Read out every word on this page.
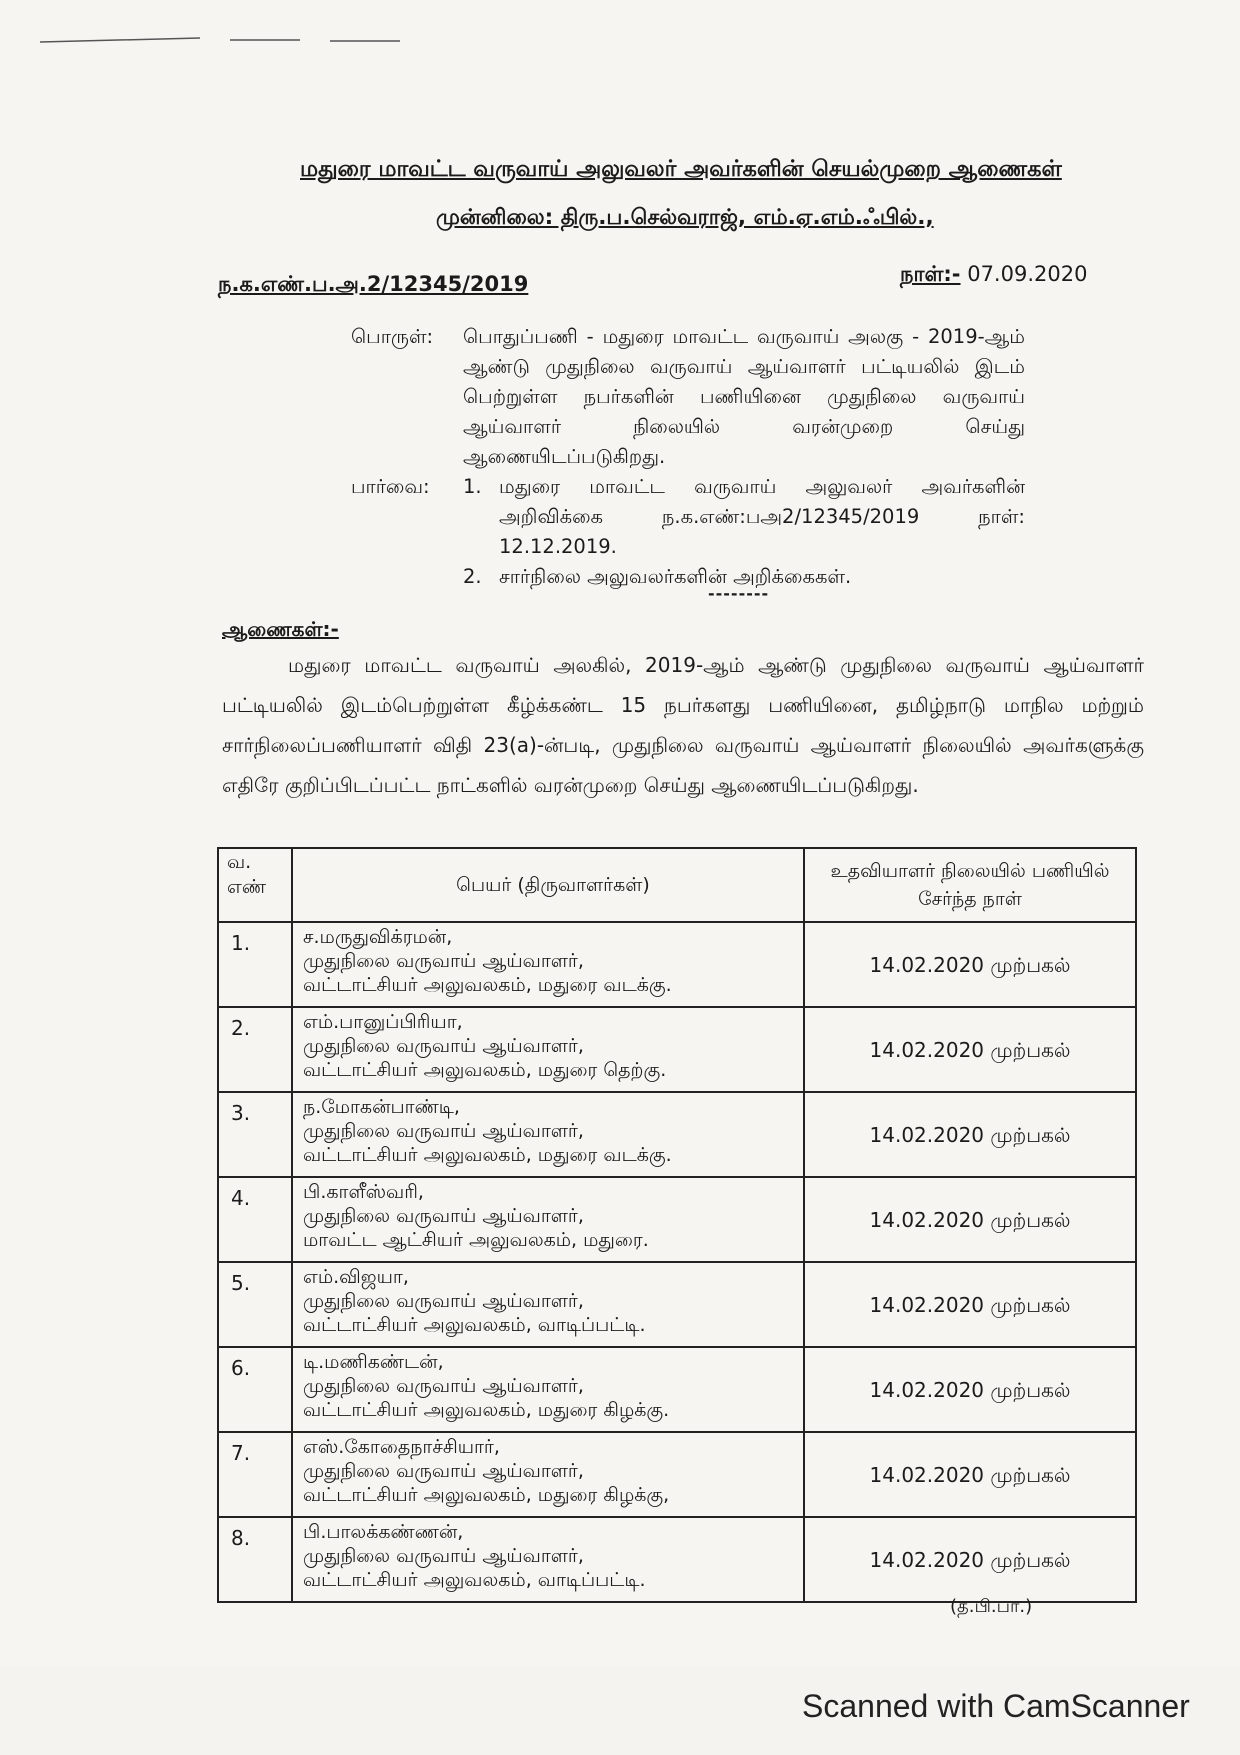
மதுரை மாவட்ட வருவாய் அலுவலர் அவர்களின் செயல்முறை ஆணைகள்
முன்னிலை: திரு.ப.செல்வராஜ், எம்.ஏ.எம்.ஃபில்.,
ந.க.எண்.ப.அ.2/12345/2019	நாள்:- 07.09.2020
பொருள்:	பொதுப்பணி - மதுரை மாவட்ட வருவாய் அலகு - 2019-ஆம் ஆண்டு முதுநிலை வருவாய் ஆய்வாளர் பட்டியலில் இடம் பெற்றுள்ள நபர்களின் பணியினை முதுநிலை வருவாய் ஆய்வாளர் நிலையில் வரன்முறை செய்து ஆணையிடப்படுகிறது.
பார்வை:	1. மதுரை மாவட்ட வருவாய் அலுவலர் அவர்களின் அறிவிக்கை ந.க.எண்:பஅ2/12345/2019 நாள்: 12.12.2019.
2. சார்நிலை அலுவலர்களின் அறிக்கைகள்.
--------
ஆணைகள்:-
மதுரை மாவட்ட வருவாய் அலகில், 2019-ஆம் ஆண்டு முதுநிலை வருவாய் ஆய்வாளர் பட்டியலில் இடம்பெற்றுள்ள கீழ்க்கண்ட 15 நபர்களது பணியினை, தமிழ்நாடு மாநில மற்றும் சார்நிலைப்பணியாளர் விதி 23(a)-ன்படி, முதுநிலை வருவாய் ஆய்வாளர் நிலையில் அவர்களுக்கு எதிரே குறிப்பிடப்பட்ட நாட்களில் வரன்முறை செய்து ஆணையிடப்படுகிறது.
வ. எண்	பெயர் (திருவாளர்கள்)	உதவியாளர் நிலையில் பணியில் சேர்ந்த நாள்
1.	ச.மருதுவிக்ரமன்,
முதுநிலை வருவாய் ஆய்வாளர்,
வட்டாட்சியர் அலுவலகம், மதுரை வடக்கு.	14.02.2020 முற்பகல்
2.	எம்.பானுப்பிரியா,
முதுநிலை வருவாய் ஆய்வாளர்,
வட்டாட்சியர் அலுவலகம், மதுரை தெற்கு.	14.02.2020 முற்பகல்
3.	ந.மோகன்பாண்டி,
முதுநிலை வருவாய் ஆய்வாளர்,
வட்டாட்சியர் அலுவலகம், மதுரை வடக்கு.	14.02.2020 முற்பகல்
4.	பி.காளீஸ்வரி,
முதுநிலை வருவாய் ஆய்வாளர்,
மாவட்ட ஆட்சியர் அலுவலகம், மதுரை.	14.02.2020 முற்பகல்
5.	எம்.விஜயா,
முதுநிலை வருவாய் ஆய்வாளர்,
வட்டாட்சியர் அலுவலகம், வாடிப்பட்டி.	14.02.2020 முற்பகல்
6.	டி.மணிகண்டன்,
முதுநிலை வருவாய் ஆய்வாளர்,
வட்டாட்சியர் அலுவலகம், மதுரை கிழக்கு.	14.02.2020 முற்பகல்
7.	எஸ்.கோதைநாச்சியார்,
முதுநிலை வருவாய் ஆய்வாளர்,
வட்டாட்சியர் அலுவலகம், மதுரை கிழக்கு,	14.02.2020 முற்பகல்
8.	பி.பாலக்கண்ணன்,
முதுநிலை வருவாய் ஆய்வாளர்,
வட்டாட்சியர் அலுவலகம், வாடிப்பட்டி.	14.02.2020 முற்பகல்
(த.பி.பா.)
Scanned with CamScanner
